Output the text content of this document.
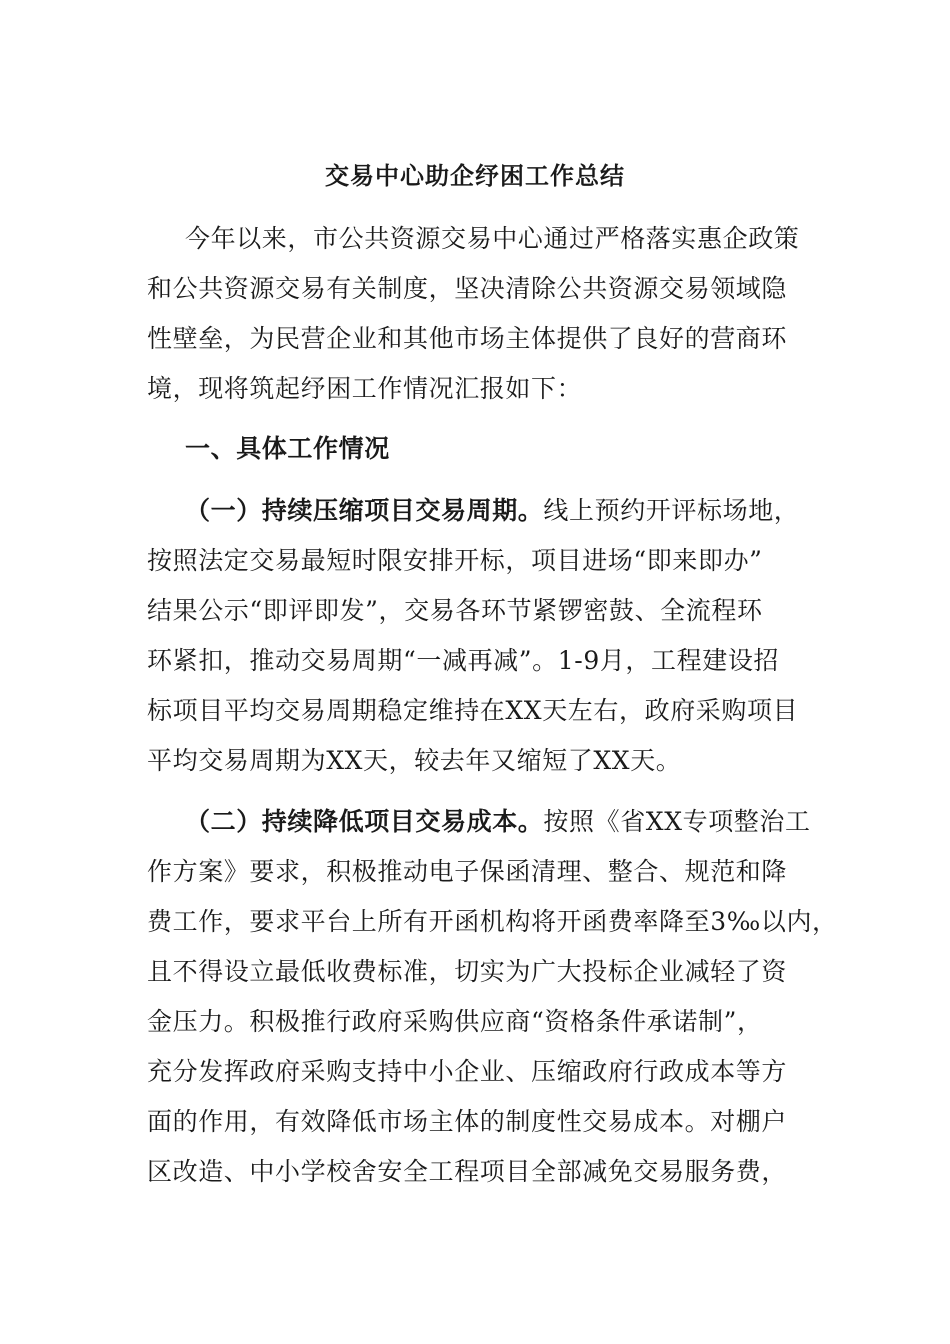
交易中心助企纾困工作总结
今年以来，市公共资源交易中心通过严格落实惠企政策
和公共资源交易有关制度，坚决清除公共资源交易领域隐
性壁垒，为民营企业和其他市场主体提供了良好的营商环
境，现将筑起纾困工作情况汇报如下：
一、具体工作情况
（一）持续压缩项目交易周期。线上预约开评标场地，
按照法定交易最短时限安排开标，项目进场“即来即办”
结果公示“即评即发”，交易各环节紧锣密鼓、全流程环
环紧扣，推动交易周期“一减再减”。1-9月，工程建设招
标项目平均交易周期稳定维持在XX天左右，政府采购项目
平均交易周期为XX天，较去年又缩短了XX天。
（二）持续降低项目交易成本。按照《省XX专项整治工
作方案》要求，积极推动电子保函清理、整合、规范和降
费工作，要求平台上所有开函机构将开函费率降至3‰以内，
且不得设立最低收费标准，切实为广大投标企业减轻了资
金压力。积极推行政府采购供应商“资格条件承诺制”，
充分发挥政府采购支持中小企业、压缩政府行政成本等方
面的作用，有效降低市场主体的制度性交易成本。对棚户
区改造、中小学校舍安全工程项目全部减免交易服务费，
